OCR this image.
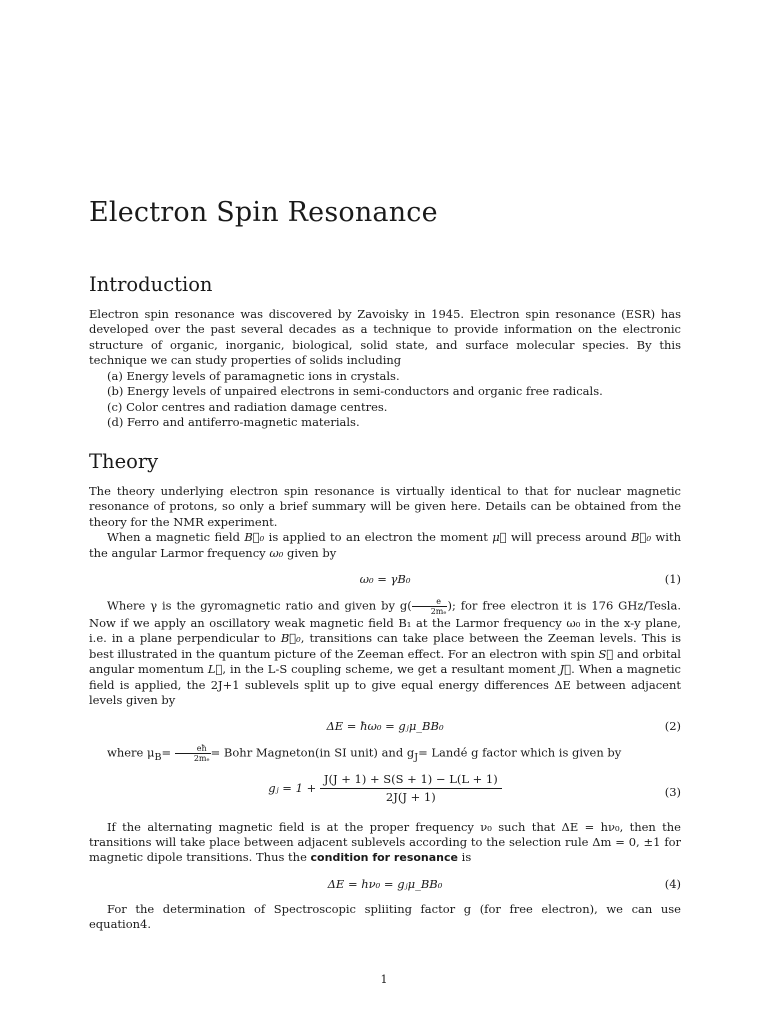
Electron Spin Resonance
Introduction

Electron spin resonance was discovered by Zavoisky in 1945. Electron spin resonance (ESR) has developed over the past several decades as a technique to provide information on the electronic structure of organic, inorganic, biological, solid state, and surface molecular species. By this technique we can study properties of solids including

(a) Energy levels of paramagnetic ions in crystals.
(b) Energy levels of unpaired electrons in semi-conductors and organic free radicals.
(c) Color centres and radiation damage centres.
(d) Ferro and antiferro-magnetic materials.
Theory

The theory underlying electron spin resonance is virtually identical to that for nuclear magnetic resonance of protons, so only a brief summary will be given here. Details can be obtained from the theory for the NMR experiment.

When a magnetic field B⃗₀ is applied to an electron the moment μ⃗ will precess around B⃗₀ with the angular Larmor frequency ω₀ given by

ω₀ = γB₀	(1)

Where γ is the gyromagnetic ratio and given by $g( \frac{e}{\text{2mₑ}}$ ); for free electron it is 176 GHz/Tesla. Now if we apply an oscillatory weak magnetic field B₁ at the Larmor frequency ω₀ in the x-y plane, i.e. in a plane perpendicular to B⃗₀, transitions can take place between the Zeeman levels. This is best illustrated in the quantum picture of the Zeeman effect. For an electron with spin S⃗ and orbital angular momentum L⃗, in the L-S coupling scheme, we get a resultant moment J⃗. When a magnetic field is applied, the 2J+1 sublevels split up to give equal energy differences ΔE between adjacent levels given by

ΔE = ħω₀ = gⱼμ_BB₀	(2)

where $\mu_B= \frac{eħ}{\text{2mₑ}}$ = Bohr Magneton(in SI unit) and $g_J=$ Landé g factor which is given by

gⱼ = $1 + \frac{J(J + 1) + S(S + 1) - L(L + 1)}{2J(J + 1)}$	(3)

If the alternating magnetic field is at the proper frequency ν₀ such that ΔE = hν₀, then the transitions will take place between adjacent sublevels according to the selection rule Δm = 0, ±1 for magnetic dipole transitions. Thus the condition for resonance is

ΔE = hν₀ = gⱼμ_BB₀	(4)

For the determination of Spectroscopic spliiting factor g (for free electron), we can use equation4.

1
